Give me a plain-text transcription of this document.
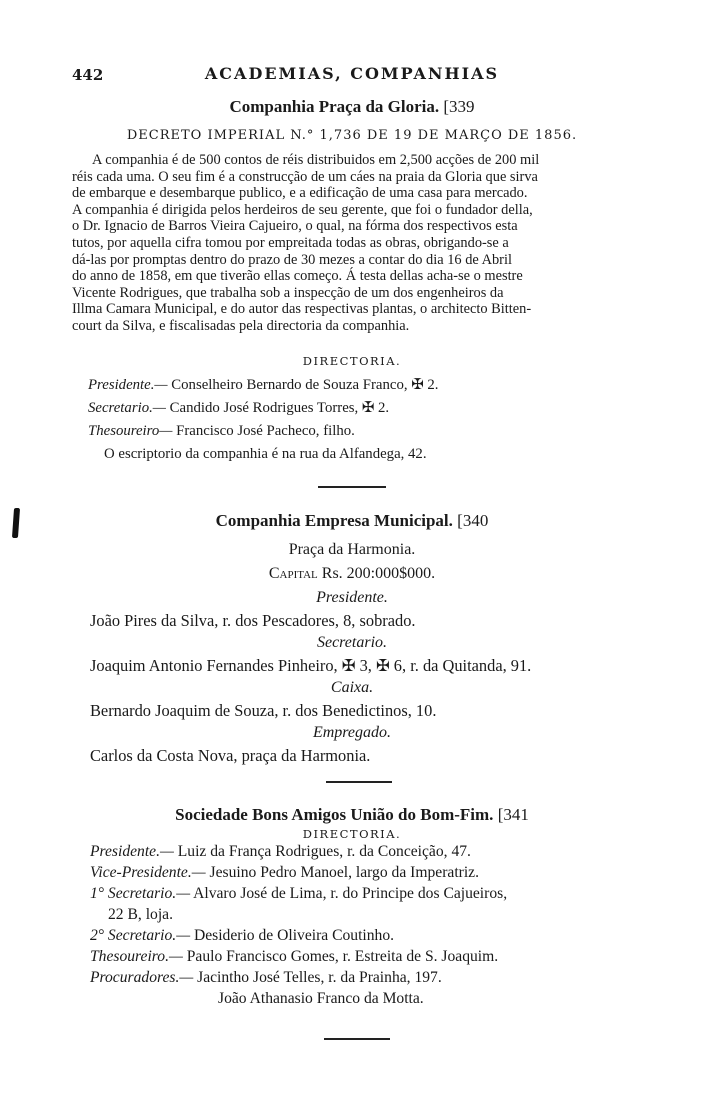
442	ACADEMIAS, COMPANHIAS
Companhia Praça da Gloria. [339
DECRETO IMPERIAL N.° 1,736 DE 19 DE MARÇO DE 1856.
A companhia é de 500 contos de réis distribuidos em 2,500 acções de 200 mil
réis cada uma. O seu fim é a construcção de um cáes na praia da Gloria que sirva
de embarque e desembarque publico, e a edificação de uma casa para mercado.
A companhia é dirigida pelos herdeiros de seu gerente, que foi o fundador della,
o Dr. Ignacio de Barros Vieira Cajueiro, o qual, na fórma dos respectivos esta
tutos, por aquella cifra tomou por empreitada todas as obras, obrigando-se a
dá-las por promptas dentro do prazo de 30 mezes a contar do dia 16 de Abril
do anno de 1858, em que tiverão ellas começo. Á testa dellas acha-se o mestre
Vicente Rodrigues, que trabalha sob a inspecção de um dos engenheiros da
Illma Camara Municipal, e do autor das respectivas plantas, o architecto Bitten-
court da Silva, e fiscalisadas pela directoria da companhia.
DIRECTORIA.
Presidente.— Conselheiro Bernardo de Souza Franco, ✠ 2.
Secretario.— Candido José Rodrigues Torres, ✠ 2.
Thesoureiro— Francisco José Pacheco, filho.
O escriptorio da companhia é na rua da Alfandega, 42.
Companhia Empresa Municipal. [340
Praça da Harmonia.
Capital Rs. 200:000$000.
Presidente.
João Pires da Silva, r. dos Pescadores, 8, sobrado.
Secretario.
Joaquim Antonio Fernandes Pinheiro, ✠ 3, ✠ 6, r. da Quitanda, 91.
Caixa.
Bernardo Joaquim de Souza, r. dos Benedictinos, 10.
Empregado.
Carlos da Costa Nova, praça da Harmonia.
Sociedade Bons Amigos União do Bom-Fim. [341
DIRECTORIA.
Presidente.— Luiz da França Rodrigues, r. da Conceição, 47.
Vice-Presidente.— Jesuino Pedro Manoel, largo da Imperatriz.
1° Secretario.— Alvaro José de Lima, r. do Principe dos Cajueiros,
22 B, loja.
2° Secretario.— Desiderio de Oliveira Coutinho.
Thesoureiro.— Paulo Francisco Gomes, r. Estreita de S. Joaquim.
Procuradores.— Jacintho José Telles, r. da Prainha, 197.
João Athanasio Franco da Motta.
